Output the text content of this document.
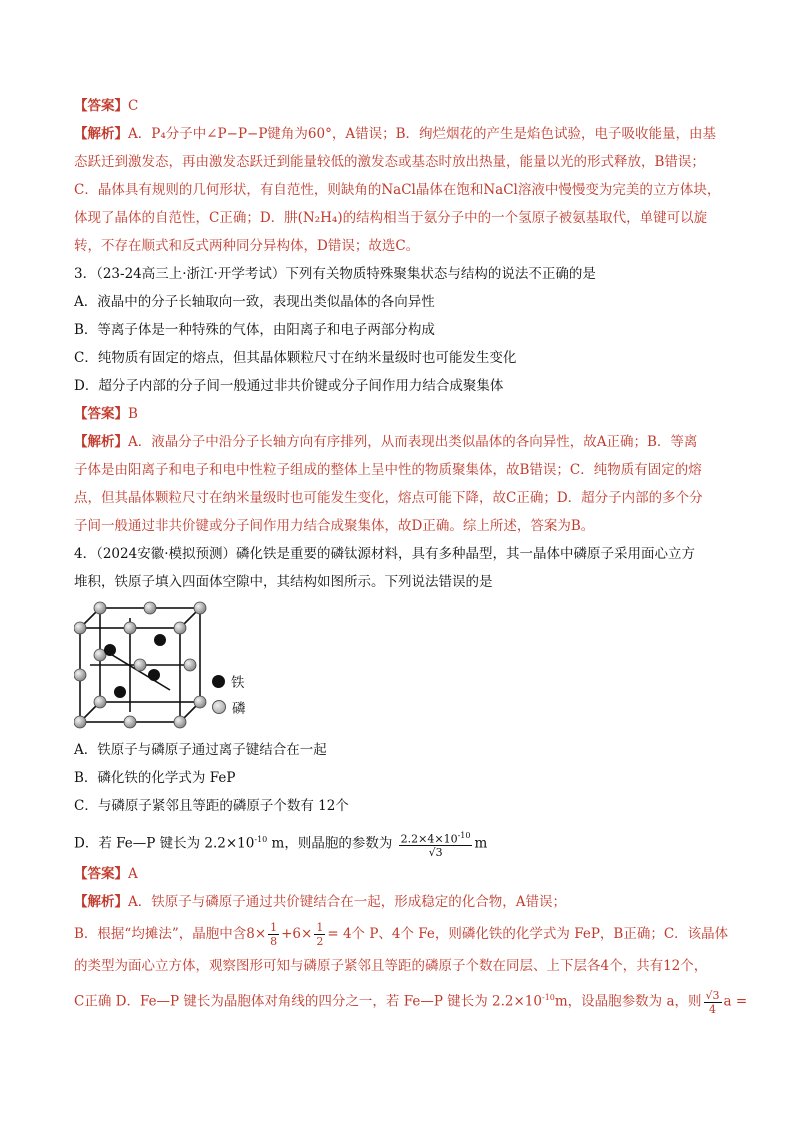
【答案】C
【解析】A．P₄分子中∠P−P−P键角为60°，A错误；B．绚烂烟花的产生是焰色试验，电子吸收能量，由基
态跃迁到激发态，再由激发态跃迁到能量较低的激发态或基态时放出热量，能量以光的形式释放，B错误；
C．晶体具有规则的几何形状，有自范性，则缺角的NaCl晶体在饱和NaCl溶液中慢慢变为完美的立方体块，
体现了晶体的自范性，C正确；D．肼(N₂H₄)的结构相当于氨分子中的一个氢原子被氨基取代，单键可以旋
转，不存在顺式和反式两种同分异构体，D错误；故选C。
3．（23-24高三上·浙江·开学考试）下列有关物质特殊聚集状态与结构的说法不正确的是
A．液晶中的分子长轴取向一致，表现出类似晶体的各向异性
B．等离子体是一种特殊的气体，由阳离子和电子两部分构成
C．纯物质有固定的熔点，但其晶体颗粒尺寸在纳米量级时也可能发生变化
D．超分子内部的分子间一般通过非共价键或分子间作用力结合成聚集体
【答案】B
【解析】A．液晶分子中沿分子长轴方向有序排列，从而表现出类似晶体的各向异性，故A正确；B．等离
子体是由阳离子和电子和电中性粒子组成的整体上呈中性的物质聚集体，故B错误；C．纯物质有固定的熔
点，但其晶体颗粒尺寸在纳米量级时也可能发生变化，熔点可能下降，故C正确；D．超分子内部的多个分
子间一般通过非共价键或分子间作用力结合成聚集体，故D正确。综上所述，答案为B。
4．（2024安徽·模拟预测）磷化铁是重要的磷钛源材料，具有多种晶型，其一晶体中磷原子采用面心立方
堆积，铁原子填入四面体空隙中，其结构如图所示。下列说法错误的是
铁
磷
A．铁原子与磷原子通过离子键结合在一起
B．磷化铁的化学式为 FeP
C．与磷原子紧邻且等距的磷原子个数有 12个
D．若 Fe—P 键长为 $2.2\times 10^{-10}$ m，则晶胞的参数为 $\frac{2.2\times 4\times 10^{-10}}{√3}$ m
【答案】A
【解析】A．铁原子与磷原子通过共价键结合在一起，形成稳定的化合物，A错误；
B．根据“均摊法”，晶胞中含$8\times \frac{1}{8} +6\times \frac{1}{2} = 4$个 P、4个 Fe，则磷化铁的化学式为 FeP，B正确；C．该晶体
的类型为面心立方体，观察图形可知与磷原子紧邻且等距的磷原子个数在同层、上下层各4个，共有12个，
C正确 D．Fe—P 键长为晶胞体对角线的四分之一，若 Fe—P 键长为 $2.2\times 10^{-10}m$，设晶胞参数为 a，则 $\frac{√3}{4}$ a =
